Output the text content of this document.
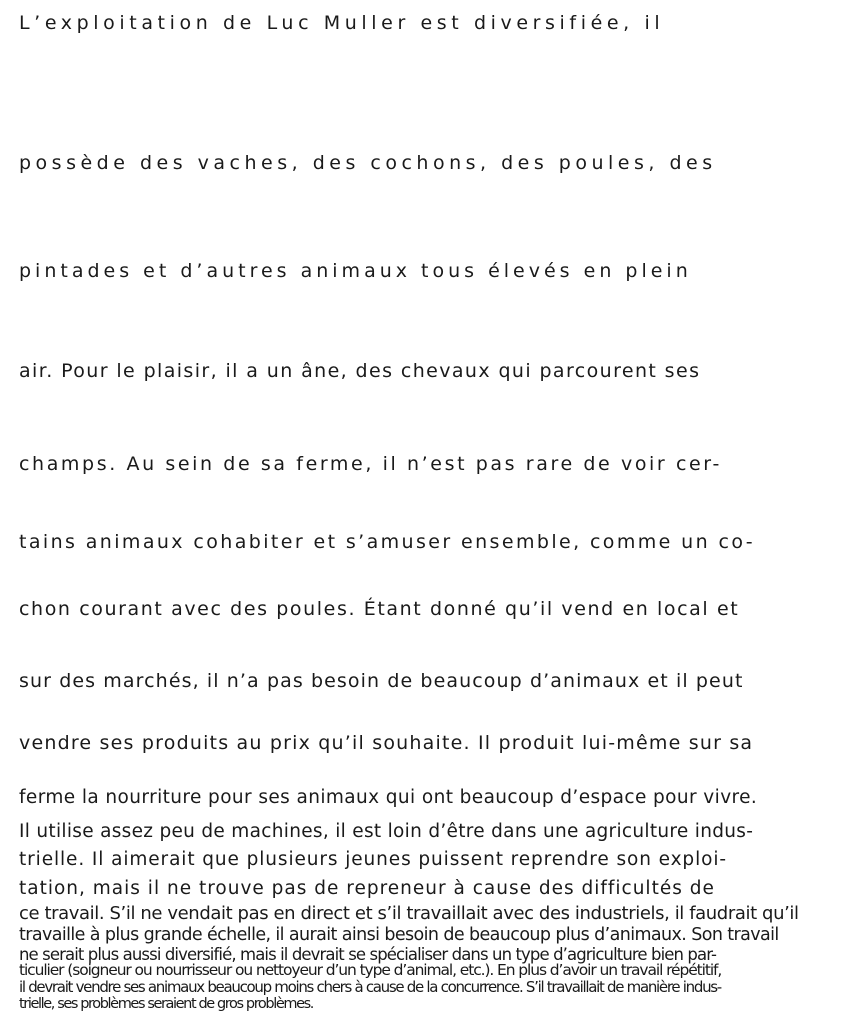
L’exploitation de Luc Muller est diversifiée, il
possède des vaches, des cochons, des poules, des
pintades et d’autres animaux tous élevés en plein
air. Pour le plaisir, il a un âne, des chevaux qui parcourent ses
champs. Au sein de sa ferme, il n’est pas rare de voir cer-
tains animaux cohabiter et s’amuser ensemble, comme un co-
chon courant avec des poules. Étant donné qu’il vend en local et
sur des marchés, il n’a pas besoin de beaucoup d’animaux et il peut
vendre ses produits au prix qu’il souhaite. Il produit lui-même sur sa
ferme la nourriture pour ses animaux qui ont beaucoup d’espace pour vivre.
Il utilise assez peu de machines, il est loin d’être dans une agriculture indus-
trielle. Il aimerait que plusieurs jeunes puissent reprendre son exploi-
tation, mais il ne trouve pas de repreneur à cause des difficultés de
ce travail. S’il ne vendait pas en direct et s’il travaillait avec des industriels, il faudrait qu’il
travaille à plus grande échelle, il aurait ainsi besoin de beaucoup plus d’animaux. Son travail
ne serait plus aussi diversifié, mais il devrait se spécialiser dans un type d’agriculture bien par-
ticulier (soigneur ou nourrisseur ou nettoyeur d’un type d’animal, etc.). En plus d’avoir un travail répétitif,
il devrait vendre ses animaux beaucoup moins chers à cause de la concurrence. S’il travaillait de manière indus-
trielle, ses problèmes seraient de gros problèmes.
